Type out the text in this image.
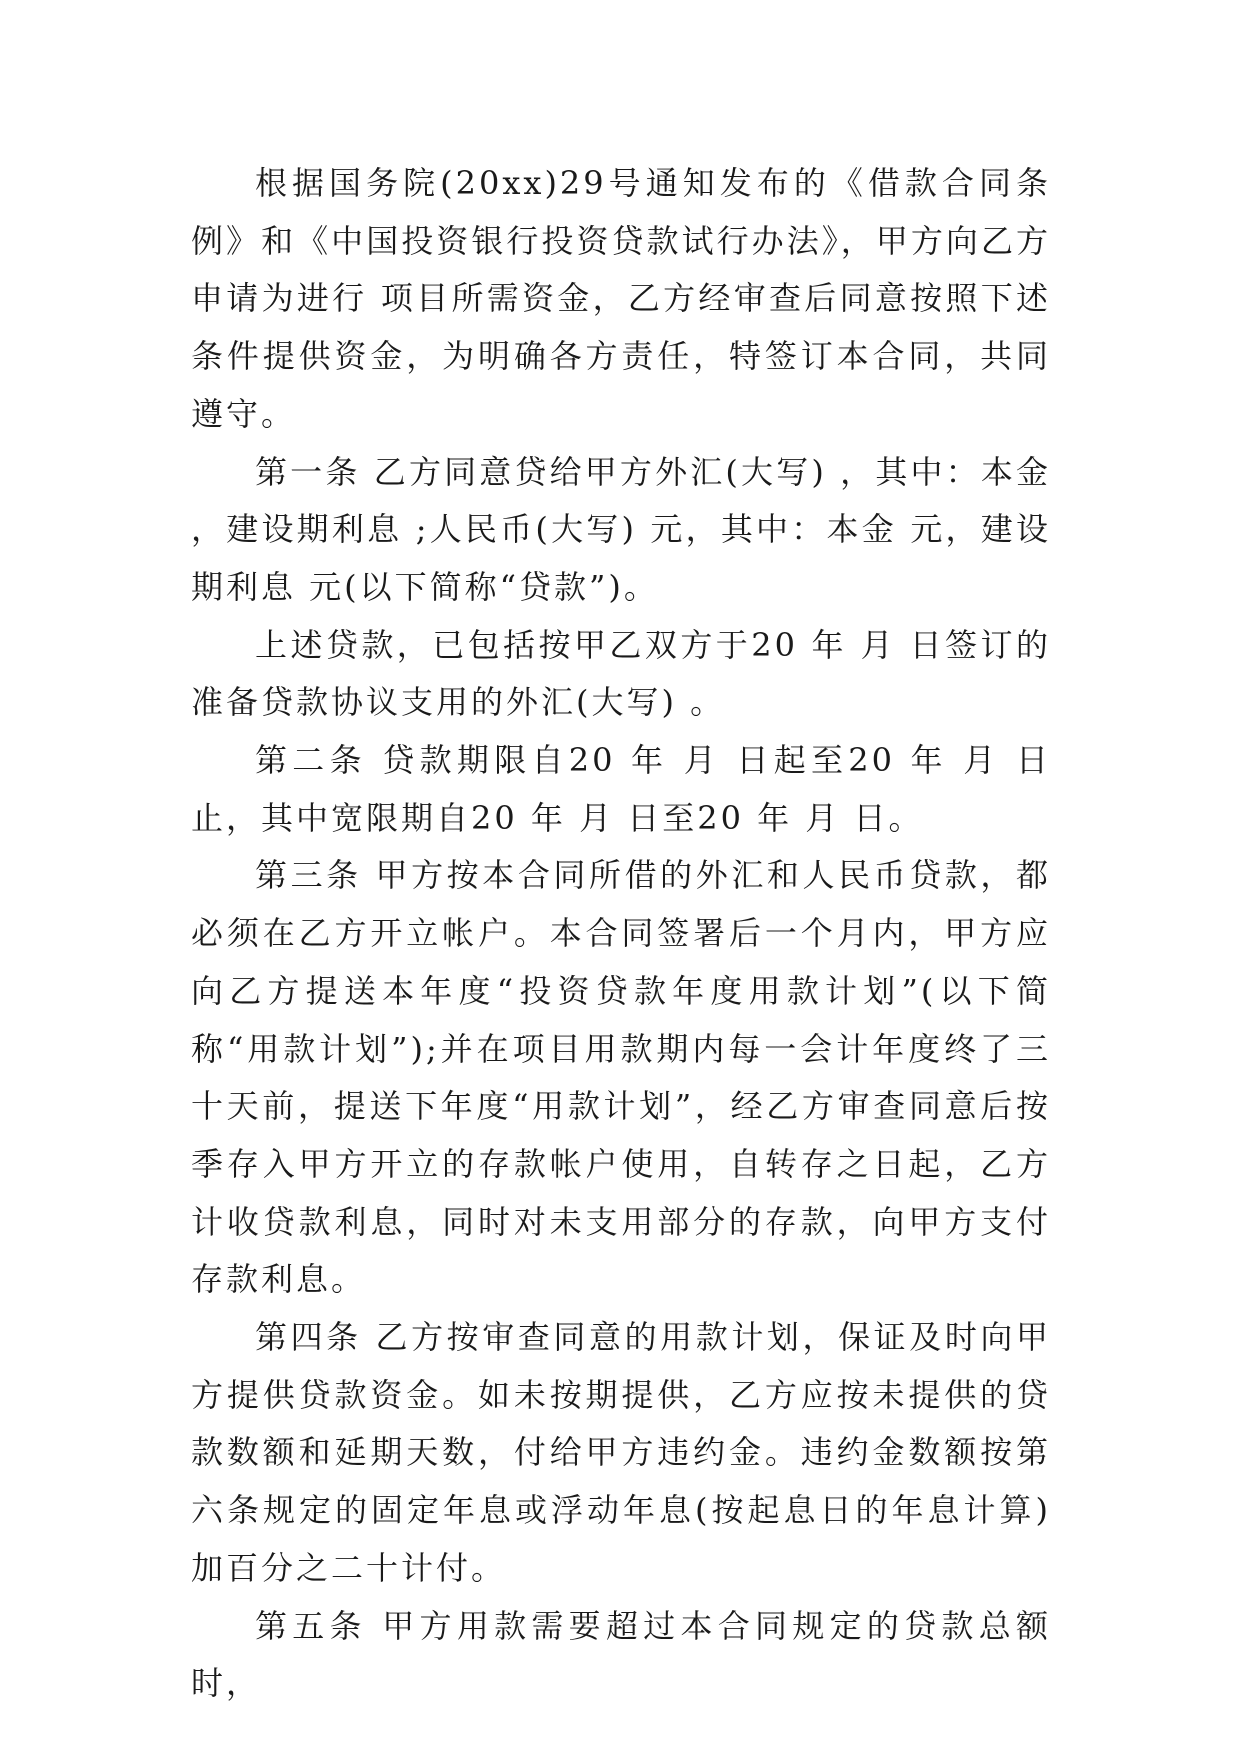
根据国务院(20xx)29号通知发布的《借款合同条例》和《中国投资银行投资贷款试行办法》，甲方向乙方申请为进行 项目所需资金，乙方经审查后同意按照下述条件提供资金，为明确各方责任，特签订本合同，共同遵守。

第一条 乙方同意贷给甲方外汇(大写) ，其中：本金 ，建设期利息 ;人民币(大写) 元，其中：本金 元，建设期利息 元(以下简称“贷款”)。

上述贷款，已包括按甲乙双方于20 年 月 日签订的准备贷款协议支用的外汇(大写) 。

第二条 贷款期限自20 年 月 日起至20 年 月 日止，其中宽限期自20 年 月 日至20 年 月 日。

第三条 甲方按本合同所借的外汇和人民币贷款，都必须在乙方开立帐户。本合同签署后一个月内，甲方应向乙方提送本年度“投资贷款年度用款计划”(以下简称“用款计划”);并在项目用款期内每一会计年度终了三十天前，提送下年度“用款计划”，经乙方审查同意后按季存入甲方开立的存款帐户使用，自转存之日起，乙方计收贷款利息，同时对未支用部分的存款，向甲方支付存款利息。

第四条 乙方按审查同意的用款计划，保证及时向甲方提供贷款资金。如未按期提供，乙方应按未提供的贷款数额和延期天数，付给甲方违约金。违约金数额按第六条规定的固定年息或浮动年息(按起息日的年息计算)加百分之二十计付。

第五条 甲方用款需要超过本合同规定的贷款总额时，
